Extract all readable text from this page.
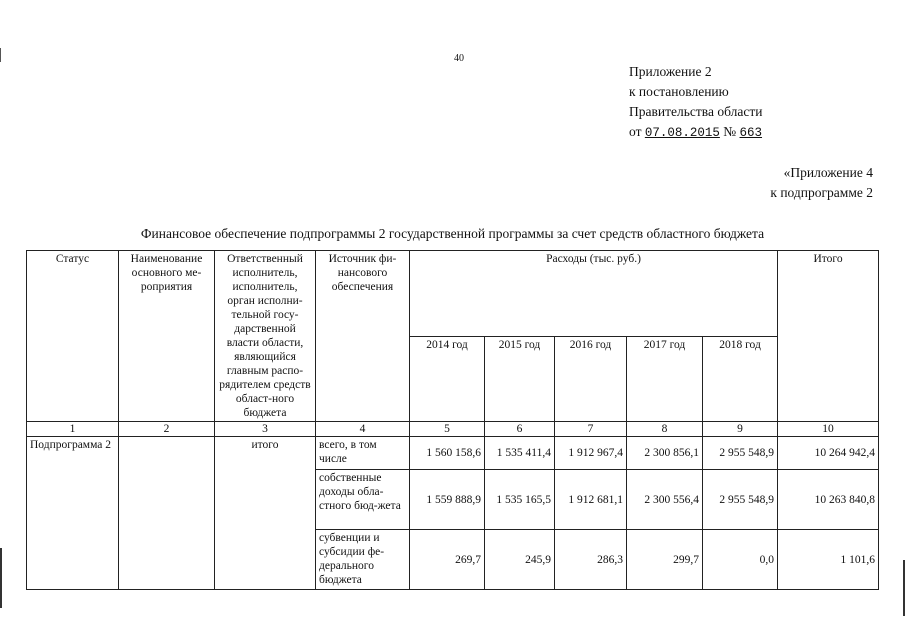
40
Приложение 2
к постановлению
Правительства области
от 07.08.2015 № 663
«Приложение 4
к подпрограмме 2
Финансовое обеспечение подпрограммы 2 государственной программы за счет средств областного бюджета
Статус	Наименование основного ме-роприятия	Ответственный исполнитель, исполнитель, орган исполни-тельной госу-дарственной власти области, являющийся главным распо-рядителем средств област-ного бюджета	Источник фи-нансового обеспечения	Расходы (тыс. руб.)					Итого
				2014 год	2015 год	2016 год	2017 год	2018 год	
1	2	3	4	5	6	7	8	9	10
Подпрограмма 2		итого	всего, в том числе	1 560 158,6	1 535 411,4	1 912 967,4	2 300 856,1	2 955 548,9	10 264 942,4
			собственные доходы обла-стного бюд-жета	1 559 888,9	1 535 165,5	1 912 681,1	2 300 556,4	2 955 548,9	10 263 840,8
			субвенции и субсидии фе-дерального бюджета	269,7	245,9	286,3	299,7	0,0	1 101,6
